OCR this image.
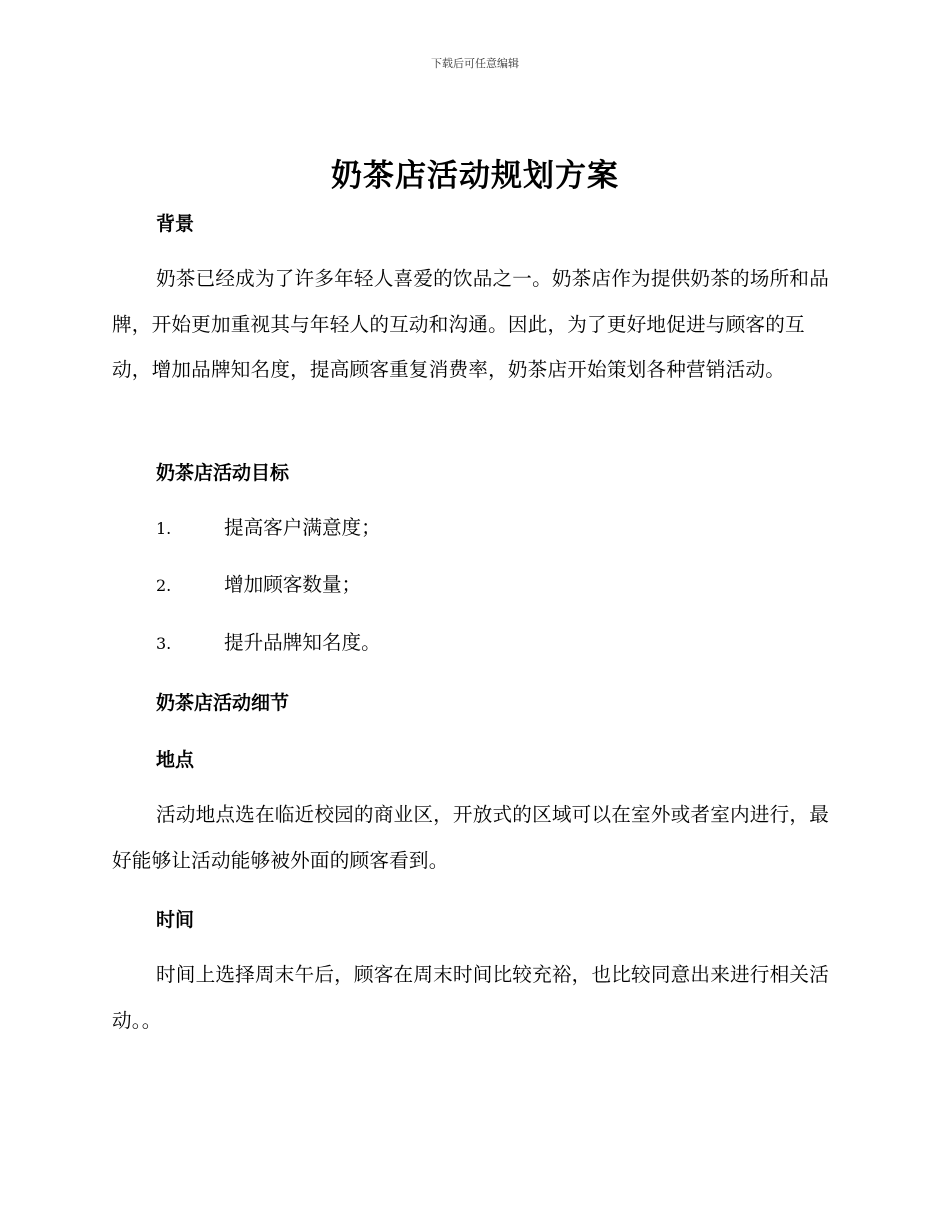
下载后可任意编辑
奶茶店活动规划方案
背景
奶茶已经成为了许多年轻人喜爱的饮品之一。奶茶店作为提供奶茶的场所和品牌，开始更加重视其与年轻人的互动和沟通。因此，为了更好地促进与顾客的互动，增加品牌知名度，提高顾客重复消费率，奶茶店开始策划各种营销活动。
奶茶店活动目标
1.	提高客户满意度；
2.	增加顾客数量；
3.	提升品牌知名度。
奶茶店活动细节
地点
活动地点选在临近校园的商业区，开放式的区域可以在室外或者室内进行，最好能够让活动能够被外面的顾客看到。
时间
时间上选择周末午后，顾客在周末时间比较充裕，也比较同意出来进行相关活动。。
